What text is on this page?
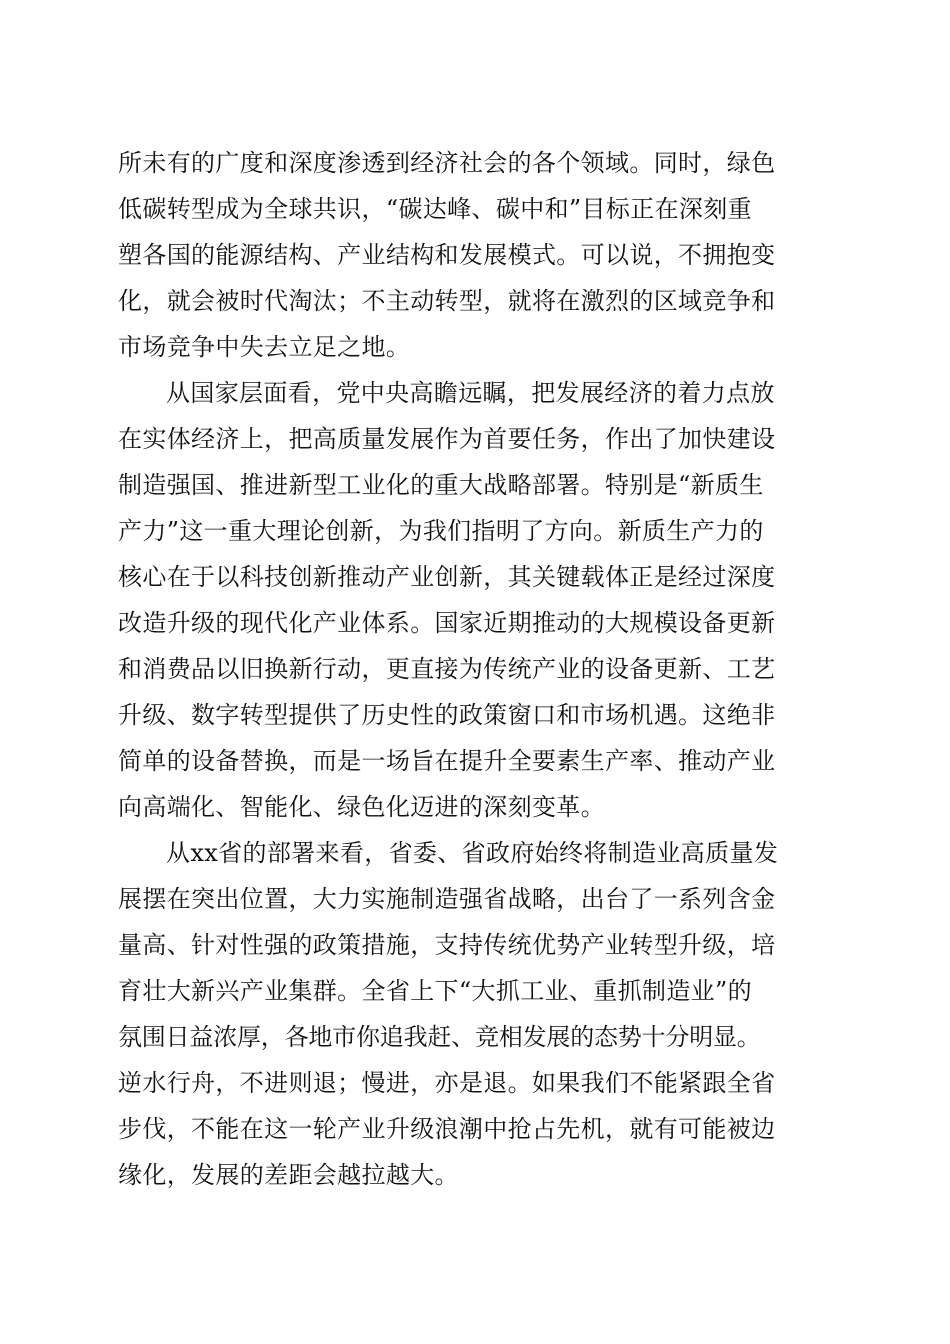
所未有的广度和深度渗透到经济社会的各个领域。同时，绿色
低碳转型成为全球共识，“碳达峰、碳中和”目标正在深刻重
塑各国的能源结构、产业结构和发展模式。可以说，不拥抱变
化，就会被时代淘汰；不主动转型，就将在激烈的区域竞争和
市场竞争中失去立足之地。
从国家层面看，党中央高瞻远瞩，把发展经济的着力点放
在实体经济上，把高质量发展作为首要任务，作出了加快建设
制造强国、推进新型工业化的重大战略部署。特别是“新质生
产力”这一重大理论创新，为我们指明了方向。新质生产力的
核心在于以科技创新推动产业创新，其关键载体正是经过深度
改造升级的现代化产业体系。国家近期推动的大规模设备更新
和消费品以旧换新行动，更直接为传统产业的设备更新、工艺
升级、数字转型提供了历史性的政策窗口和市场机遇。这绝非
简单的设备替换，而是一场旨在提升全要素生产率、推动产业
向高端化、智能化、绿色化迈进的深刻变革。
从xx省的部署来看，省委、省政府始终将制造业高质量发
展摆在突出位置，大力实施制造强省战略，出台了一系列含金
量高、针对性强的政策措施，支持传统优势产业转型升级，培
育壮大新兴产业集群。全省上下“大抓工业、重抓制造业”的
氛围日益浓厚，各地市你追我赶、竞相发展的态势十分明显。
逆水行舟，不进则退；慢进，亦是退。如果我们不能紧跟全省
步伐，不能在这一轮产业升级浪潮中抢占先机，就有可能被边
缘化，发展的差距会越拉越大。
